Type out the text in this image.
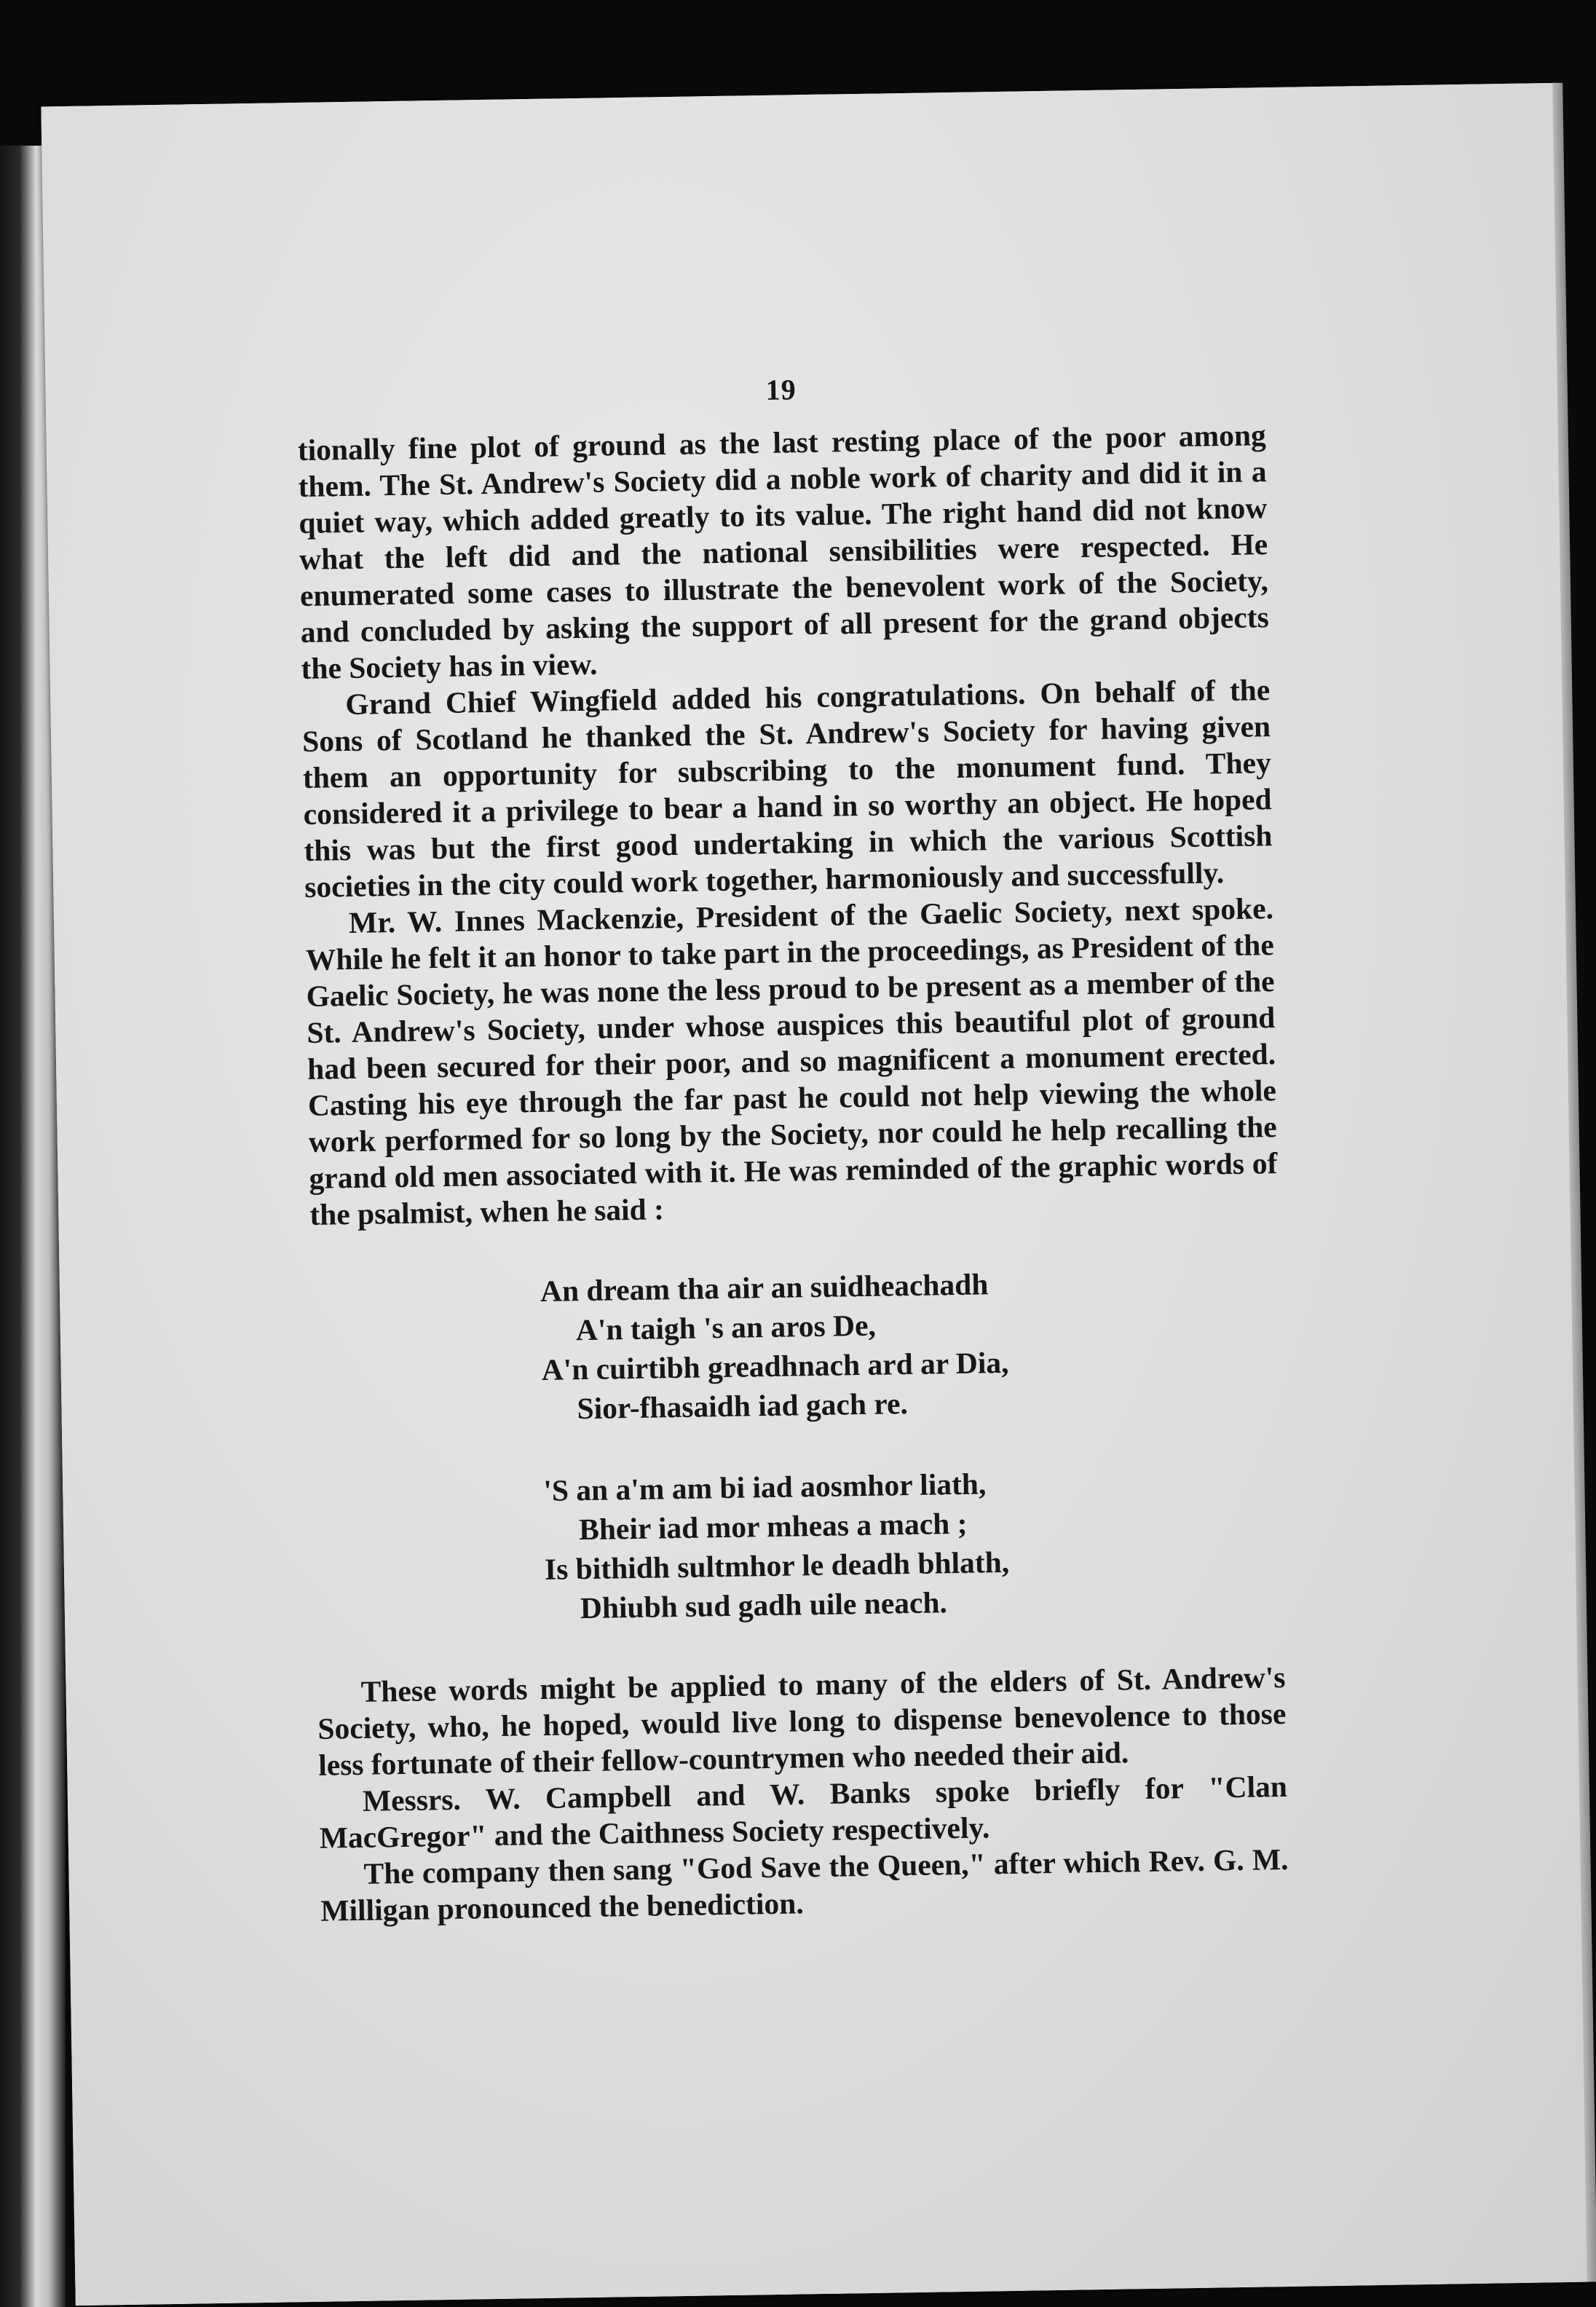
19

tionally fine plot of ground as the last resting place of the poor among them. The St. Andrew's Society did a noble work of charity and did it in a quiet way, which added greatly to its value. The right hand did not know what the left did and the national sensibilities were respected. He enumerated some cases to illustrate the benevolent work of the Society, and concluded by asking the support of all present for the grand objects the Society has in view.

Grand Chief Wingfield added his congratulations. On behalf of the Sons of Scotland he thanked the St. Andrew's Society for having given them an opportunity for subscribing to the monument fund. They considered it a privilege to bear a hand in so worthy an object. He hoped this was but the first good undertaking in which the various Scottish societies in the city could work together, harmoniously and successfully.

Mr. W. Innes Mackenzie, President of the Gaelic Society, next spoke. While he felt it an honor to take part in the proceedings, as President of the Gaelic Society, he was none the less proud to be present as a member of the St. Andrew's Society, under whose auspices this beautiful plot of ground had been secured for their poor, and so magnificent a monument erected. Casting his eye through the far past he could not help viewing the whole work performed for so long by the Society, nor could he help recalling the grand old men associated with it. He was reminded of the graphic words of the psalmist, when he said :

An dream tha air an suidheachadh
A'n taigh 's an aros De,
A'n cuirtibh greadhnach ard ar Dia,
Sior-fhasaidh iad gach re.
'S an a'm am bi iad aosmhor liath,
Bheir iad mor mheas a mach ;
Is bithidh sultmhor le deadh bhlath,
Dhiubh sud gadh uile neach.

These words might be applied to many of the elders of St. Andrew's Society, who, he hoped, would live long to dispense benevolence to those less fortunate of their fellow-countrymen who needed their aid.

Messrs. W. Campbell and W. Banks spoke briefly for "Clan MacGregor" and the Caithness Society respectively.

The company then sang "God Save the Queen," after which Rev. G. M. Milligan pronounced the benediction.
